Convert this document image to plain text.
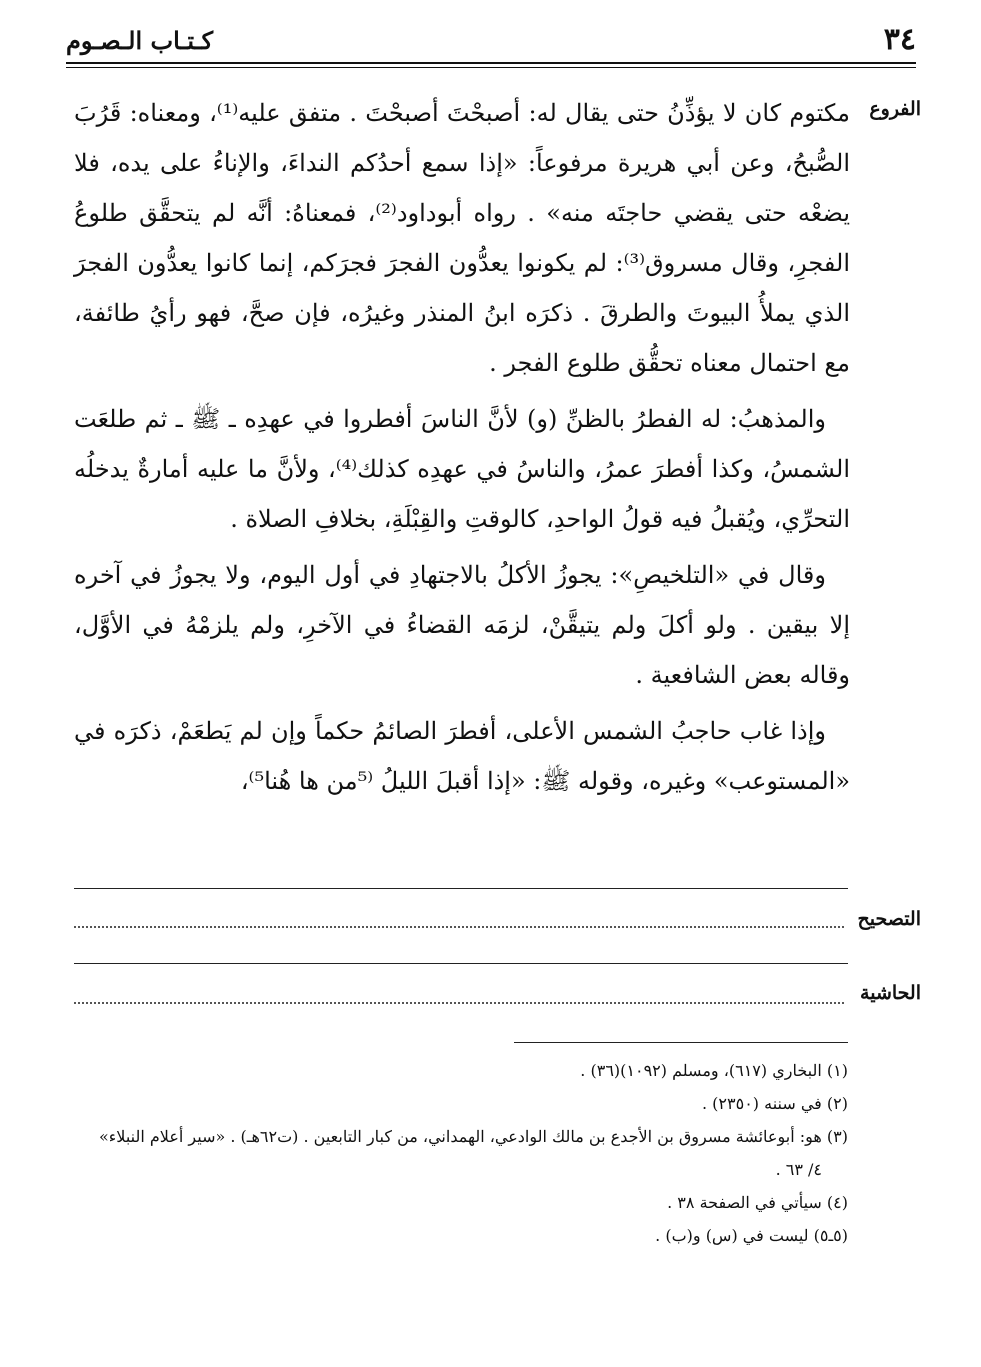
٣٤
كـتـاب الـصـوم
الفروع

مكتوم كان لا يؤذِّنُ حتى يقال له: أصبحْتَ أصبحْتَ . متفق عليه⁽¹⁾، ومعناه: قَرُبَ الصُّبحُ، وعن أبي هريرة مرفوعاً: «إذا سمع أحدُكم النداءَ، والإناءُ على يده، فلا يضعْه حتى يقضي حاجتَه منه» . رواه أبوداود⁽²⁾، فمعناهُ: أنَّه لم يتحقَّق طلوعُ الفجرِ، وقال مسروق⁽³⁾: لم يكونوا يعدُّون الفجرَ فجرَكم، إنما كانوا يعدُّون الفجرَ الذي يملأُ البيوتَ والطرقَ . ذكرَه ابنُ المنذر وغيرُه، فإن صحَّ، فهو رأيُ طائفة، مع احتمال معناه تحقُّق طلوع الفجر .

والمذهبُ: له الفطرُ بالظنِّ (و) لأنَّ الناسَ أفطروا في عهدِه ـ ﷺ ـ ثم طلعَت الشمسُ، وكذا أفطرَ عمرُ، والناسُ في عهدِه كذلك⁽⁴⁾، ولأنَّ ما عليه أمارةٌ يدخلُه التحرِّي، ويُقبلُ فيه قولُ الواحدِ، كالوقتِ والقِبْلَةِ، بخلافِ الصلاة .

وقال في «التلخيصِ»: يجوزُ الأكلُ بالاجتهادِ في أول اليوم، ولا يجوزُ في آخره إلا بيقين . ولو أكلَ ولم يتيقَّنْ، لزمَه القضاءُ في الآخرِ، ولم يلزمْهُ في الأوَّل، وقاله بعض الشافعية .

وإذا غاب حاجبُ الشمس الأعلى، أفطرَ الصائمُ حكماً وإن لم يَطعَمْ، ذكرَه في «المستوعب» وغيره، وقوله ﷺ: «إذا أقبلَ الليلُ ⁽⁵من ها هُنا⁵⁾،

التصحيح
الحاشية

(١) البخاري (٦١٧)، ومسلم (١٠٩٢)(٣٦) .

(٢) في سننه (٢٣٥٠) .

(٣) هو: أبوعائشة مسروق بن الأجدع بن مالك الوادعي، الهمداني، من كبار التابعين . (ت٦٢هـ) . «سير أعلام النبلاء»

٤/ ٦٣ .

(٤) سيأتي في الصفحة ٣٨ .

(٥ـ٥) ليست في (س) و(ب) .
